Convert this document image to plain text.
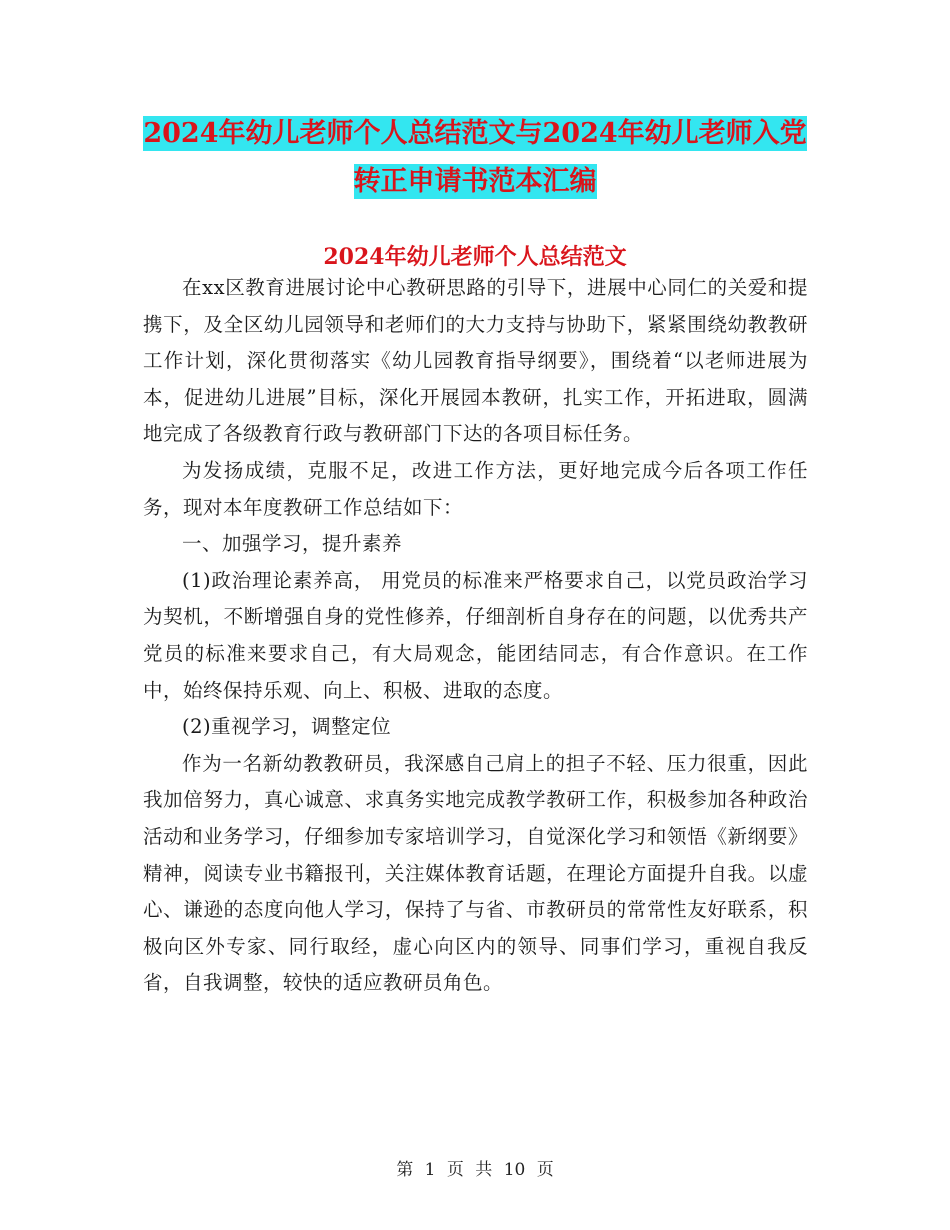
2024年幼儿老师个人总结范文与2024年幼儿老师入党
转正申请书范本汇编
2024年幼儿老师个人总结范文

在xx区教育进展讨论中心教研思路的引导下，进展中心同仁的关爱和提携下，及全区幼儿园领导和老师们的大力支持与协助下，紧紧围绕幼教教研工作计划，深化贯彻落实《幼儿园教育指导纲要》，围绕着“以老师进展为本，促进幼儿进展”目标，深化开展园本教研，扎实工作，开拓进取，圆满地完成了各级教育行政与教研部门下达的各项目标任务。

为发扬成绩，克服不足，改进工作方法，更好地完成今后各项工作任务，现对本年度教研工作总结如下：

一、加强学习，提升素养

(1)政治理论素养高， 用党员的标准来严格要求自己，以党员政治学习为契机，不断增强自身的党性修养，仔细剖析自身存在的问题，以优秀共产党员的标准来要求自己，有大局观念，能团结同志，有合作意识。在工作中，始终保持乐观、向上、积极、进取的态度。

(2)重视学习，调整定位

作为一名新幼教教研员，我深感自己肩上的担子不轻、压力很重，因此我加倍努力，真心诚意、求真务实地完成教学教研工作，积极参加各种政治活动和业务学习，仔细参加专家培训学习，自觉深化学习和领悟《新纲要》精神，阅读专业书籍报刊，关注媒体教育话题，在理论方面提升自我。以虚心、谦逊的态度向他人学习，保持了与省、市教研员的常常性友好联系，积极向区外专家、同行取经，虚心向区内的领导、同事们学习，重视自我反省，自我调整，较快的适应教研员角色。

第 1 页 共 10 页
